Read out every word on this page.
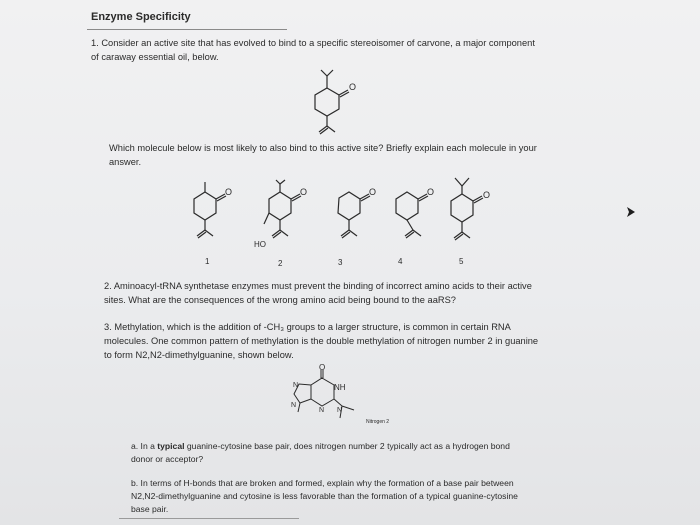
Enzyme Specificity
1. Consider an active site that has evolved to bind to a specific stereoisomer of carvone, a major component
of caraway essential oil, below.
O
Which molecule below is most likely to also bind to this active site? Briefly explain each molecule in your
answer.
O	O
HO
O	O	O
1	2	3	4	5
2. Aminoacyl-tRNA synthetase enzymes must prevent the binding of incorrect amino acids to their active
sites. What are the consequences of the wrong amino acid being bound to the aaRS?
3. Methylation, which is the addition of -CH₃ groups to a larger structure, is common in certain RNA
molecules. One common pattern of methylation is the double methylation of nitrogen number 2 in guanine
to form N2,N2-dimethylguanine, shown below.
O
NH
N
N
N N
Nitrogen 2
a. In a typical guanine-cytosine base pair, does nitrogen number 2 typically act as a hydrogen bond
donor or acceptor?
b. In terms of H-bonds that are broken and formed, explain why the formation of a base pair between
N2,N2-dimethylguanine and cytosine is less favorable than the formation of a typical guanine-cytosine
base pair.
